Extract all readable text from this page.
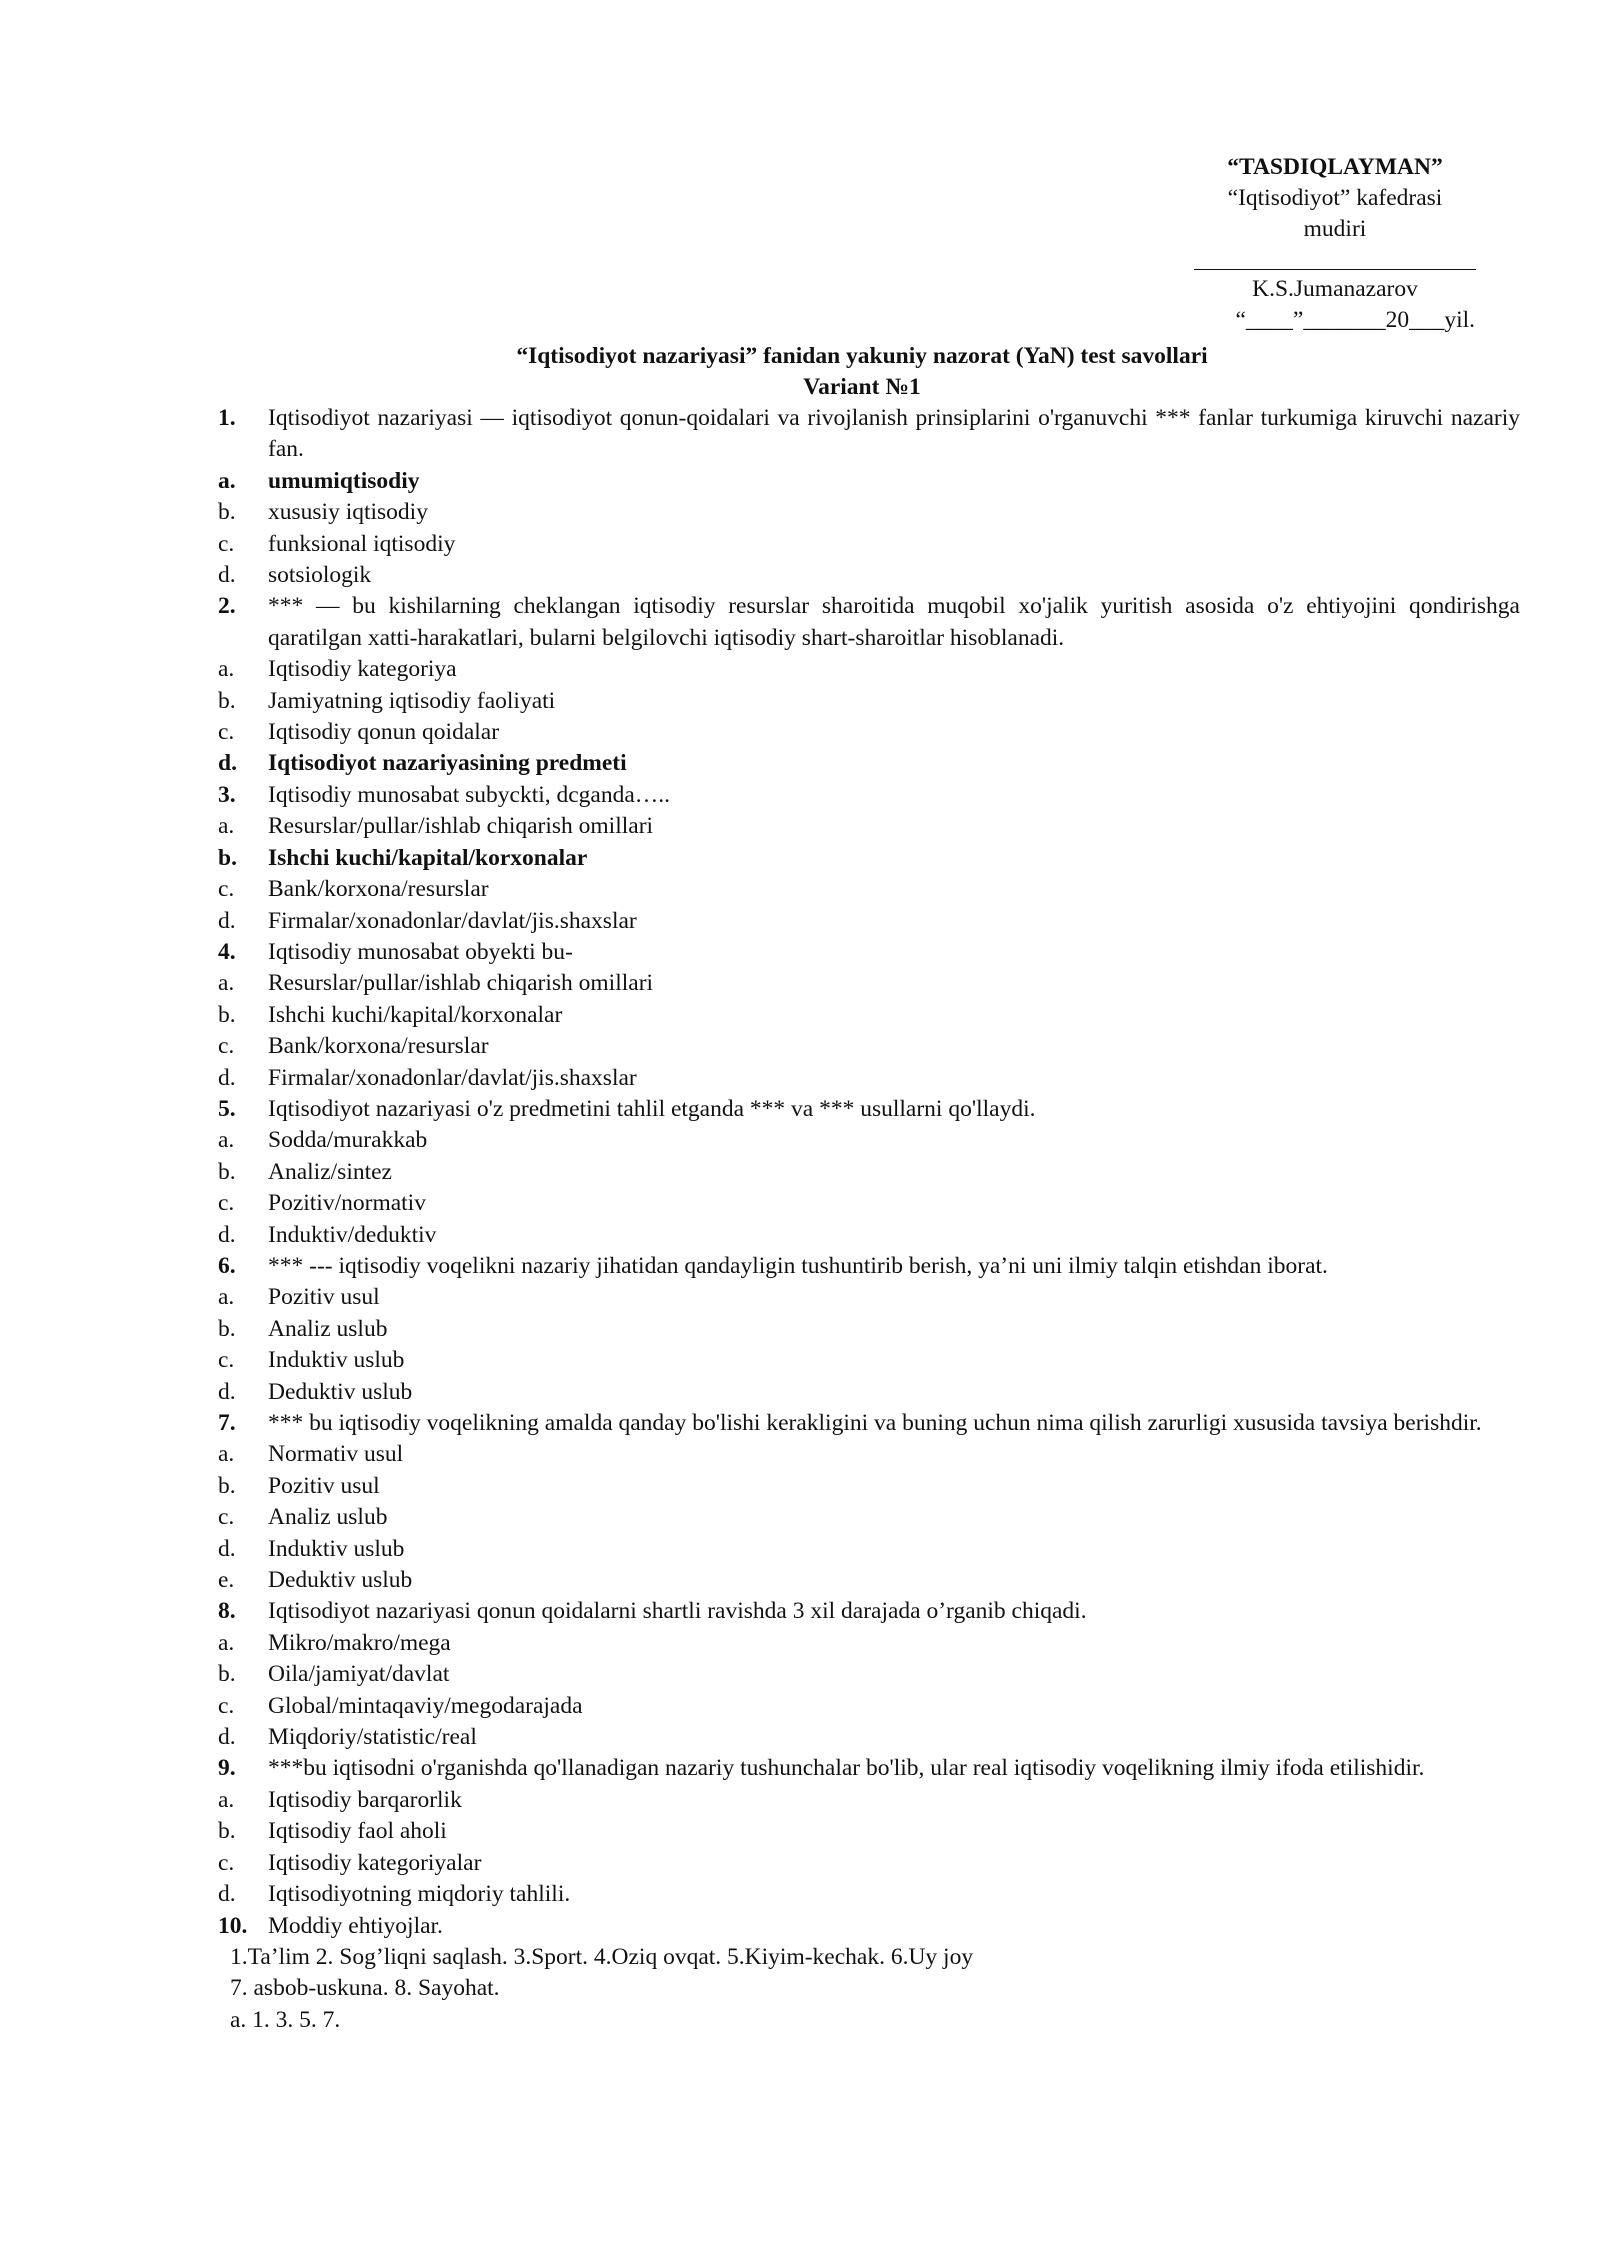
“TASDIQLAYMAN”
“Iqtisodiyot” kafedrasi
mudiri
K.S.Jumanazarov
“____”_______20___yil.
“Iqtisodiyot nazariyasi” fanidan yakuniy nazorat (YaN) test savollari
Variant №1
1.	Iqtisodiyot nazariyasi — iqtisodiyot qonun-qoidalari va rivojlanish prinsiplarini o'rganuvchi *** fanlar turkumiga kiruvchi nazariy fan.
a.	umumiqtisodiy
b.	xususiy iqtisodiy
c.	funksional iqtisodiy
d.	sotsiologik
2.	*** — bu kishilarning cheklangan iqtisodiy resurslar sharoitida muqobil xo'jalik yuritish asosida o'z ehtiyojini qondirishga qaratilgan xatti-harakatlari, bularni belgilovchi iqtisodiy shart-sharoitlar hisoblanadi.
a.	Iqtisodiy kategoriya
b.	Jamiyatning iqtisodiy faoliyati
c.	Iqtisodiy qonun qoidalar
d.	Iqtisodiyot nazariyasining predmeti
3.	Iqtisodiy munosabat subyckti, dcganda…..
a.	Resurslar/pullar/ishlab chiqarish omillari
b.	Ishchi kuchi/kapital/korxonalar
c.	Bank/korxona/resurslar
d.	Firmalar/xonadonlar/davlat/jis.shaxslar
4.	Iqtisodiy munosabat obyekti bu-
a.	Resurslar/pullar/ishlab chiqarish omillari
b.	Ishchi kuchi/kapital/korxonalar
c.	Bank/korxona/resurslar
d.	Firmalar/xonadonlar/davlat/jis.shaxslar
5.	Iqtisodiyot nazariyasi o'z predmetini tahlil etganda *** va *** usullarni qo'llaydi.
a.	Sodda/murakkab
b.	Analiz/sintez
c.	Pozitiv/normativ
d.	Induktiv/deduktiv
6.	*** --- iqtisodiy voqelikni nazariy jihatidan qandayligin tushuntirib berish, ya’ni uni ilmiy talqin etishdan iborat.
a.	Pozitiv usul
b.	Analiz uslub
c.	Induktiv uslub
d.	Deduktiv uslub
7.	*** bu iqtisodiy voqelikning amalda qanday bo'lishi kerakligini va buning uchun nima qilish zarurligi xususida tavsiya berishdir.
a.	Normativ usul
b.	Pozitiv usul
c.	Analiz uslub
d.	Induktiv uslub
e.	Deduktiv uslub
8.	Iqtisodiyot nazariyasi qonun qoidalarni shartli ravishda 3 xil darajada o’rganib chiqadi.
a.	Mikro/makro/mega
b.	Oila/jamiyat/davlat
c.	Global/mintaqaviy/megodarajada
d.	Miqdoriy/statistic/real
9.	***bu iqtisodni o'rganishda qo'llanadigan nazariy tushunchalar bo'lib, ular real iqtisodiy voqelikning ilmiy ifoda etilishidir.
a.	Iqtisodiy barqarorlik
b.	Iqtisodiy faol aholi
c.	Iqtisodiy kategoriyalar
d.	Iqtisodiyotning miqdoriy tahlili.
10. Moddiy ehtiyojlar.
1.Ta’lim 2. Sog’liqni saqlash. 3.Sport. 4.Oziq ovqat. 5.Kiyim-kechak. 6.Uy joy
7. asbob-uskuna. 8. Sayohat.
a. 1. 3. 5. 7.
